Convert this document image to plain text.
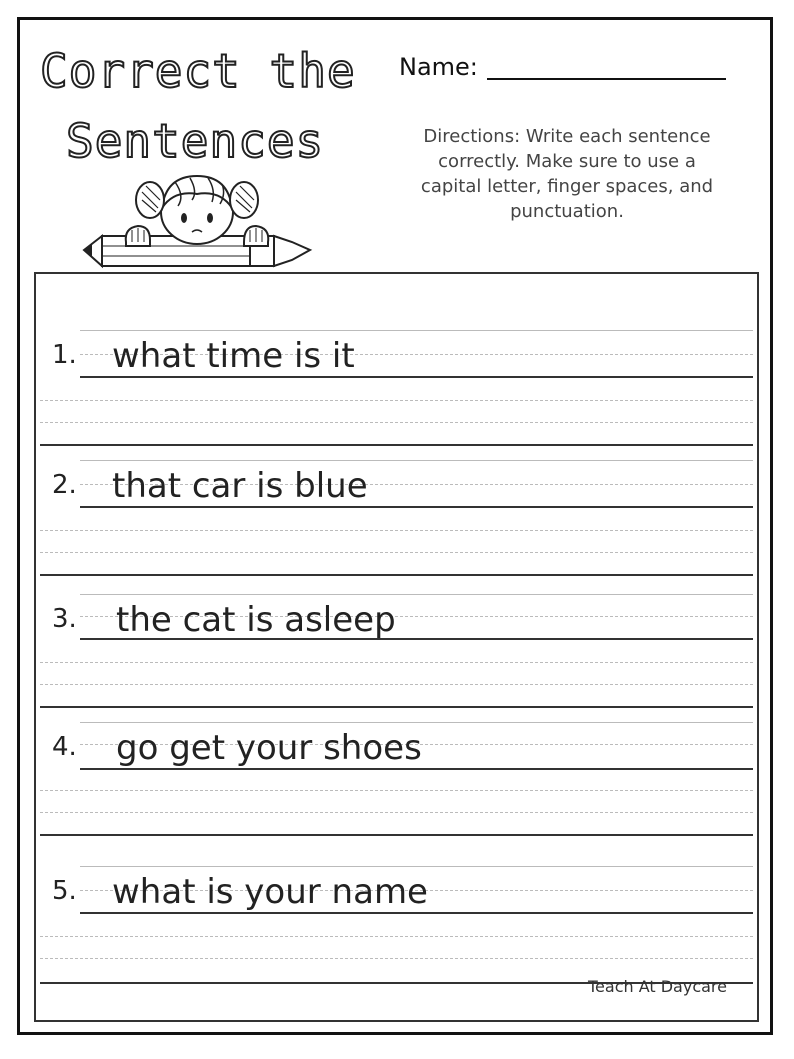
Correct the
Sentences
Name:
Directions: Write each sentence correctly. Make sure to use a capital letter, finger spaces, and punctuation.
1. what time is it
2. that car is blue
3. the cat is asleep
4. go get your shoes
5. what is your name
Teach At Daycare
